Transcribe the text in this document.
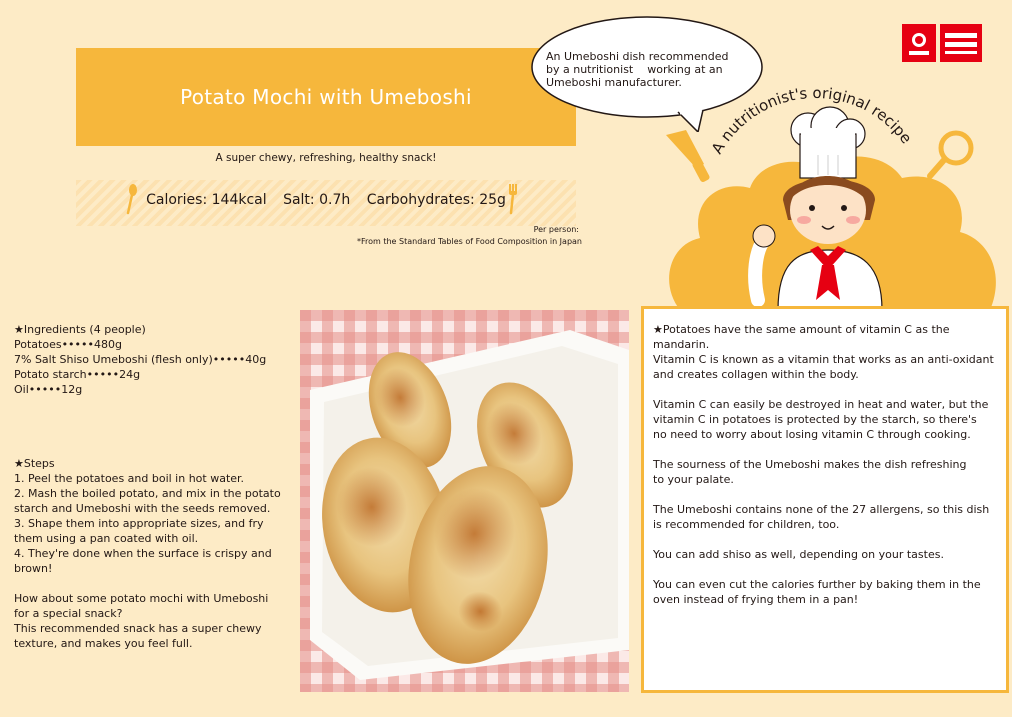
Potato Mochi with Umeboshi
A super chewy, refreshing, healthy snack!
Calories: 144kcal Salt: 0.7h Carbohydrates: 25g
Per person:
*From the Standard Tables of Food Composition in Japan
An Umeboshi dish recommended
by a nutritionist    working at an
Umeboshi manufacturer.
A nutritionist's original recipe

★Potatoes have the same amount of vitamin C as the
mandarin.
Vitamin C is known as a vitamin that works as an anti-oxidant
and creates collagen within the body.

Vitamin C can easily be destroyed in heat and water, but the
vitamin C in potatoes is protected by the starch, so there's
no need to worry about losing vitamin C through cooking.

The sourness of the Umeboshi makes the dish refreshing
to your palate.

The Umeboshi contains none of the 27 allergens, so this dish
is recommended for children, too.

You can add shiso as well, depending on your tastes.

You can even cut the calories further by baking them in the
oven instead of frying them in a pan!

★Ingredients (4 people)
Potatoes•••••480g
7% Salt Shiso Umeboshi (flesh only)•••••40g
Potato starch•••••24g
Oil•••••12g
★Steps
1. Peel the potatoes and boil in hot water.
2. Mash the boiled potato, and mix in the potato
starch and Umeboshi with the seeds removed.
3. Shape them into appropriate sizes, and fry
them using a pan coated with oil.
4. They're done when the surface is crispy and
brown!
How about some potato mochi with Umeboshi
for a special snack?
This recommended snack has a super chewy
texture, and makes you feel full.
